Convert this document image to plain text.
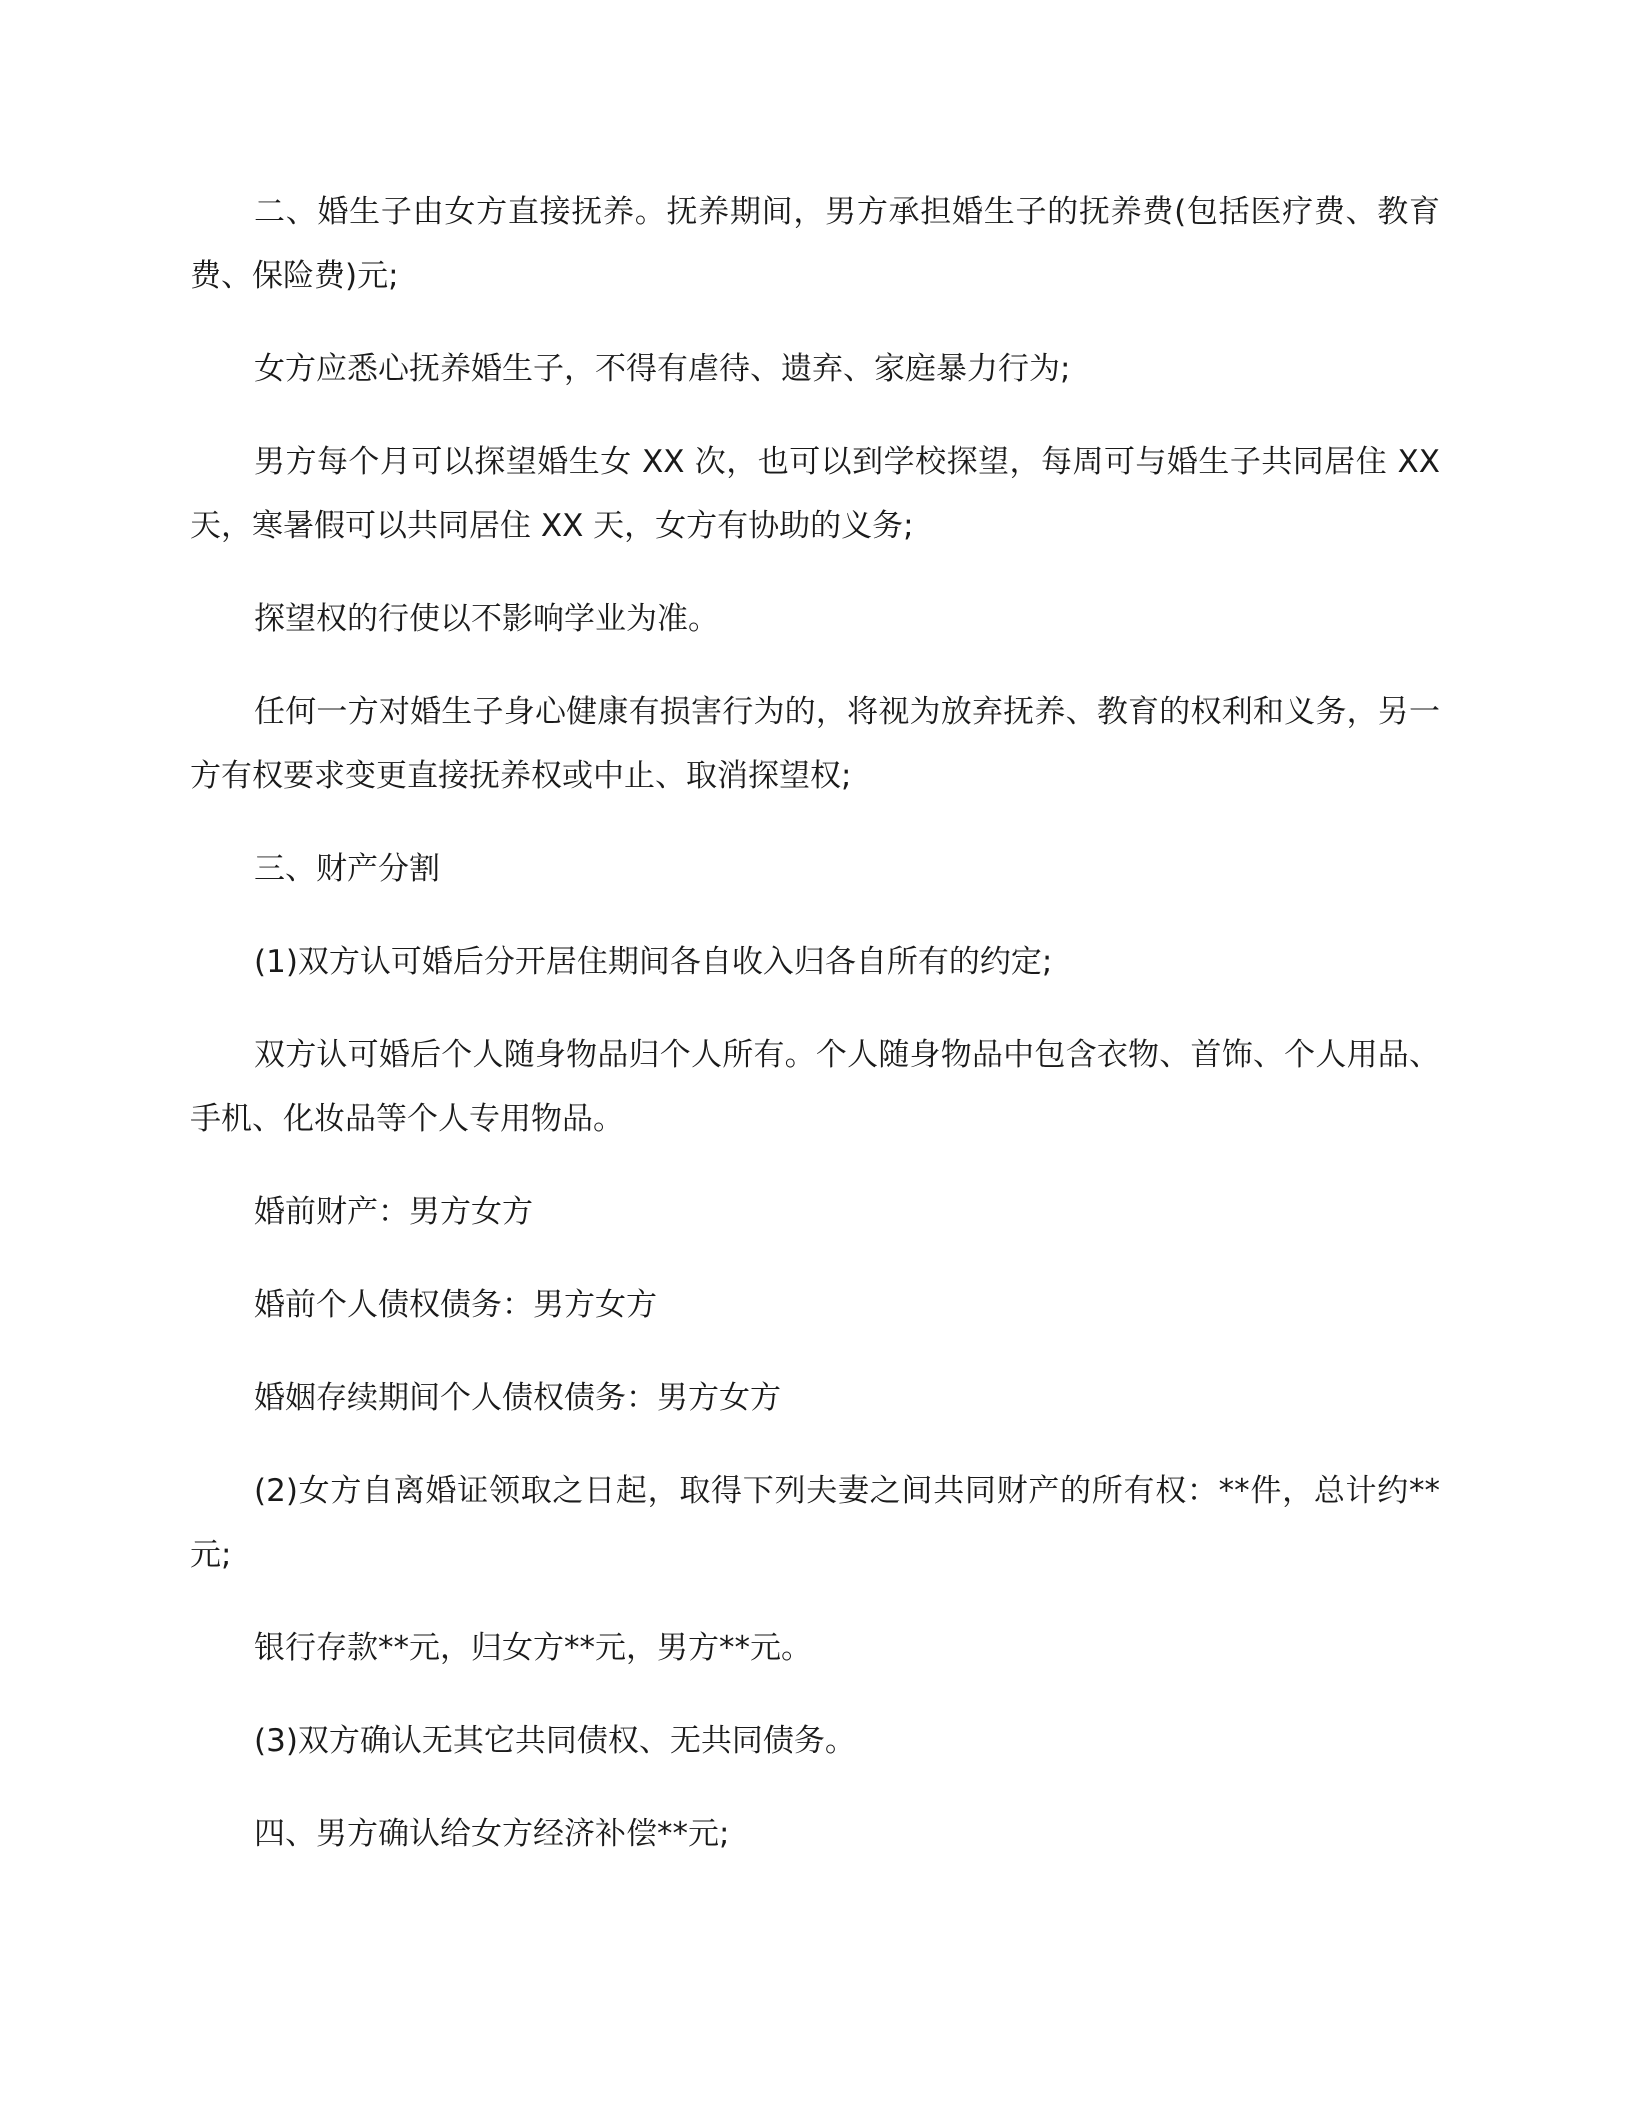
二、婚生子由女方直接抚养。抚养期间，男方承担婚生子的抚养费(包括医疗费、教育费、保险费)元;

女方应悉心抚养婚生子，不得有虐待、遗弃、家庭暴力行为;

男方每个月可以探望婚生女 XX 次，也可以到学校探望，每周可与婚生子共同居住 XX 天，寒暑假可以共同居住 XX 天，女方有协助的义务;

探望权的行使以不影响学业为准。

任何一方对婚生子身心健康有损害行为的，将视为放弃抚养、教育的权利和义务，另一方有权要求变更直接抚养权或中止、取消探望权;

三、财产分割

(1)双方认可婚后分开居住期间各自收入归各自所有的约定;

双方认可婚后个人随身物品归个人所有。个人随身物品中包含衣物、首饰、个人用品、手机、化妆品等个人专用物品。

婚前财产：男方女方

婚前个人债权债务：男方女方

婚姻存续期间个人债权债务：男方女方

(2)女方自离婚证领取之日起，取得下列夫妻之间共同财产的所有权：**件，总计约**元;

银行存款**元，归女方**元，男方**元。

(3)双方确认无其它共同债权、无共同债务。

四、男方确认给女方经济补偿**元;
